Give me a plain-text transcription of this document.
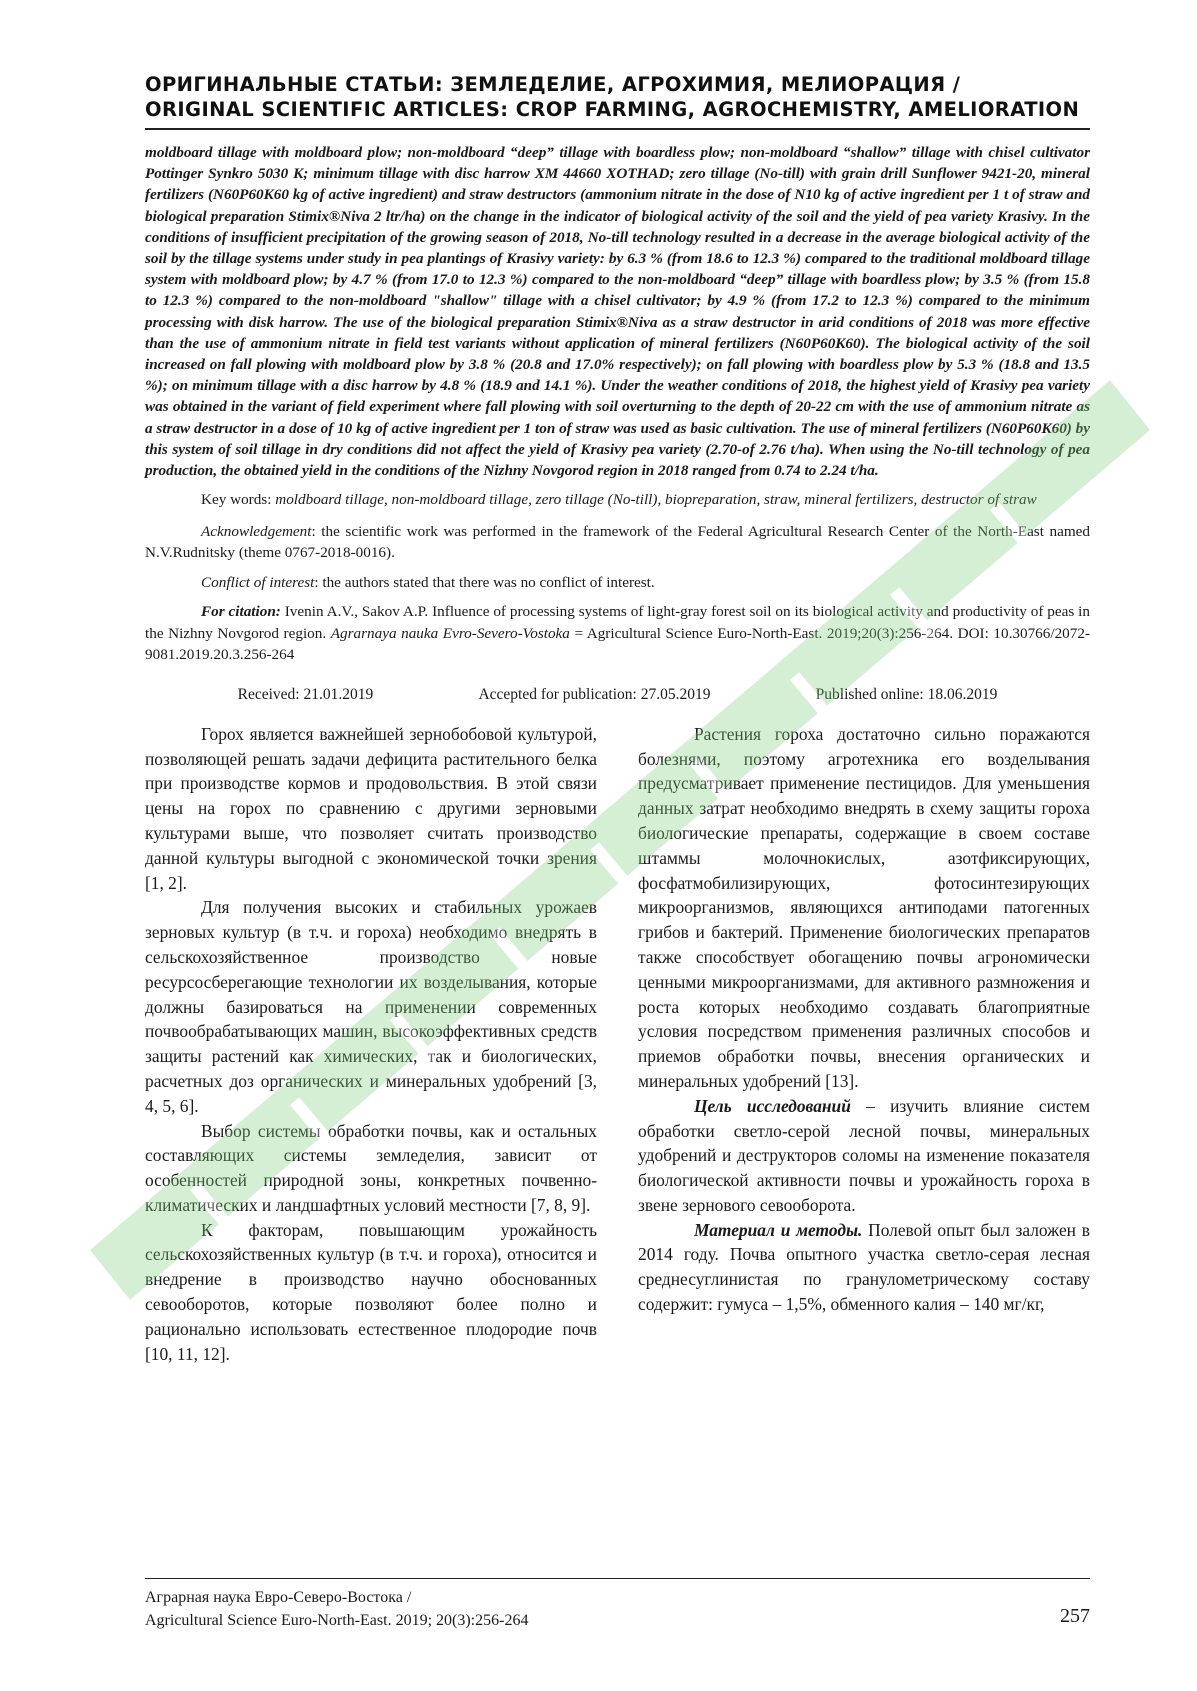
ОРИГИНАЛЬНЫЕ СТАТЬИ: ЗЕМЛЕДЕЛИЕ, АГРОХИМИЯ, МЕЛИОРАЦИЯ /
ORIGINAL SCIENTIFIC ARTICLES: CROP FARMING, AGROCHEMISTRY, AMELIORATION
moldboard tillage with moldboard plow; non-moldboard “deep” tillage with boardless plow; non-moldboard “shallow” tillage with chisel cultivator Pottinger Synkro 5030 K; minimum tillage with disc harrow XM 44660 XOTHAD; zero tillage (No-till) with grain drill Sunflower 9421-20, mineral fertilizers (N60P60K60 kg of active ingredient) and straw destructors (ammonium nitrate in the dose of N10 kg of active ingredient per 1 t of straw and biological preparation Stimix®Niva 2 ltr/ha) on the change in the indicator of biological activity of the soil and the yield of pea variety Krasivy. In the conditions of insufficient precipitation of the growing season of 2018, No-till technology resulted in a decrease in the average biological activity of the soil by the tillage systems under study in pea plantings of Krasivy variety: by 6.3 % (from 18.6 to 12.3 %) compared to the traditional moldboard tillage system with moldboard plow; by 4.7 % (from 17.0 to 12.3 %) compared to the non-moldboard “deep” tillage with boardless plow; by 3.5 % (from 15.8 to 12.3 %) compared to the non-moldboard "shallow" tillage with a chisel cultivator; by 4.9 % (from 17.2 to 12.3 %) compared to the minimum processing with disk harrow. The use of the biological preparation Stimix®Niva as a straw destructor in arid conditions of 2018 was more effective than the use of ammonium nitrate in field test variants without application of mineral fertilizers (N60P60K60). The biological activity of the soil increased on fall plowing with moldboard plow by 3.8 % (20.8 and 17.0% respectively); on fall plowing with boardless plow by 5.3 % (18.8 and 13.5 %); on minimum tillage with a disc harrow by 4.8 % (18.9 and 14.1 %). Under the weather conditions of 2018, the highest yield of Krasivy pea variety was obtained in the variant of field experiment where fall plowing with soil overturning to the depth of 20-22 cm with the use of ammonium nitrate as a straw destructor in a dose of 10 kg of active ingredient per 1 ton of straw was used as basic cultivation. The use of mineral fertilizers (N60P60K60) by this system of soil tillage in dry conditions did not affect the yield of Krasivy pea variety (2.70-of 2.76 t/ha). When using the No-till technology of pea production, the obtained yield in the conditions of the Nizhny Novgorod region in 2018 ranged from 0.74 to 2.24 t/ha.
Key words: moldboard tillage, non-moldboard tillage, zero tillage (No-till), biopreparation, straw, mineral fertilizers, destructor of straw
Acknowledgement: the scientific work was performed in the framework of the Federal Agricultural Research Center of the North-East named N.V.Rudnitsky (theme 0767-2018-0016).
Conflict of interest: the authors stated that there was no conflict of interest.
For citation: Ivenin A.V., Sakov A.P. Influence of processing systems of light-gray forest soil on its biological activity and productivity of peas in the Nizhny Novgorod region. Agrarnaya nauka Evro-Severo-Vostoka = Agricultural Science Euro-North-East. 2019;20(3):256-264. DOI: 10.30766/2072-9081.2019.20.3.256-264
Received: 21.01.2019	Accepted for publication: 27.05.2019	Published online: 18.06.2019

Горох является важнейшей зернобобовой культурой, позволяющей решать задачи дефицита растительного белка при производстве кормов и продовольствия. В этой связи цены на горох по сравнению с другими зерновыми культурами выше, что позволяет считать производство данной культуры выгодной с экономической точки зрения [1, 2].

Для получения высоких и стабильных урожаев зерновых культур (в т.ч. и гороха) необходимо внедрять в сельскохозяйственное производство новые ресурсосберегающие технологии их возделывания, которые должны базироваться на применении современных почвообрабатывающих машин, высокоэффективных средств защиты растений как химических, так и биологических, расчетных доз органических и минеральных удобрений [3, 4, 5, 6].

Выбор системы обработки почвы, как и остальных составляющих системы земледелия, зависит от особенностей природной зоны, конкретных почвенно-климатических и ландшафтных условий местности [7, 8, 9].

К факторам, повышающим урожайность сельскохозяйственных культур (в т.ч. и гороха), относится и внедрение в производство научно обоснованных севооборотов, которые позволяют более полно и рационально использовать естественное плодородие почв [10, 11, 12].

Растения гороха достаточно сильно поражаются болезнями, поэтому агротехника его возделывания предусматривает применение пестицидов. Для уменьшения данных затрат необходимо внедрять в схему защиты гороха биологические препараты, содержащие в своем составе штаммы молочнокислых, азотфиксирующих, фосфатмобилизирующих, фотосинтезирующих микроорганизмов, являющихся антиподами патогенных грибов и бактерий. Применение биологических препаратов также способствует обогащению почвы агрономически ценными микроорганизмами, для активного размножения и роста которых необходимо создавать благоприятные условия посредством применения различных способов и приемов обработки почвы, внесения органических и минеральных удобрений [13].

Цель исследований – изучить влияние систем обработки светло-серой лесной почвы, минеральных удобрений и деструкторов соломы на изменение показателя биологической активности почвы и урожайность гороха в звене зернового севооборота.

Материал и методы. Полевой опыт был заложен в 2014 году. Почва опытного участка светло-серая лесная среднесуглинистая по гранулометрическому составу содержит: гумуса – 1,5%, обменного калия – 140 мг/кг,

Аграрная наука Евро-Северо-Востока /
Agricultural Science Euro-North-East. 2019; 20(3):256-264	257
